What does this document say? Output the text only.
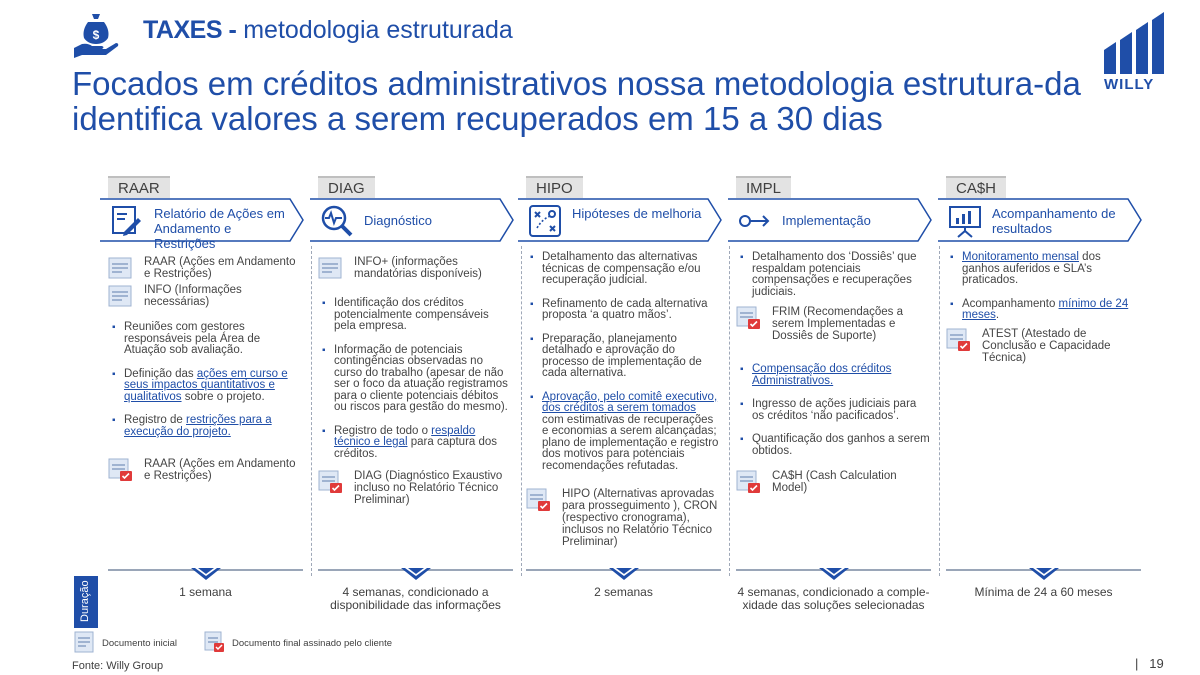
$ TAXES - metodologia estruturada
Focados em créditos administrativos nossa metodologia estrutura-da identifica valores a serem recuperados em 15 a 30 dias
WILLY
RAAR
Relatório de Ações em Andamento e Restrições
RAAR (Ações em Andamento e Restrições)
INFO (Informações necessárias)
▪ Reuniões com gestores responsáveis pela Área de Atuação sob avaliação.
▪ Definição das ações em curso e seus impactos quantitativos e qualitativos sobre o projeto.
▪ Registro de restrições para a execução do projeto.
RAAR (Ações em Andamento e Restrições)
DIAG
Diagnóstico
INFO+ (informações mandatórias disponíveis)
▪ Identificação dos créditos potencialmente compensáveis pela empresa.
▪ Informação de potenciais contingências observadas no curso do trabalho (apesar de não ser o foco da atuação registramos para o cliente potenciais débitos ou riscos para gestão do mesmo).
▪ Registro de todo o respaldo técnico e legal para captura dos créditos.
DIAG (Diagnóstico Exaustivo incluso no Relatório Técnico Preliminar)
HIPO
Hipóteses de melhoria
▪ Detalhamento das alternativas técnicas de compensação e/ou recuperação judicial.
▪ Refinamento de cada alternativa proposta ‘a quatro mãos’.
▪ Preparação, planejamento detalhado e aprovação do processo de implementação de cada alternativa.
▪ Aprovação, pelo comitê executivo, dos créditos a serem tomados com estimativas de recuperações e economias a serem alcançadas; plano de implementação e registro dos motivos para potenciais recomendações refutadas.
HIPO (Alternativas aprovadas para prosseguimento ), CRON (respectivo cronograma), inclusos no Relatório Técnico Preliminar)
IMPL
Implementação
▪ Detalhamento dos ‘Dossiês’ que respaldam potenciais compensações e recuperações judiciais.
FRIM (Recomendações a serem Implementadas e Dossiês de Suporte)
▪ Compensação dos créditos Administrativos.
▪ Ingresso de ações judiciais para os créditos ‘não pacificados’.
▪ Quantificação dos ganhos a serem obtidos.
CA$H (Cash Calculation Model)
CA$H
Acompanhamento de resultados
▪ Monitoramento mensal dos ganhos auferidos e SLA’s praticados.
▪ Acompanhamento mínimo de 24 meses.
ATEST (Atestado de Conclusão e Capacidade Técnica)
Duração	1 semana	4 semanas, condicionado a disponibilidade das informações
2 semanas	4 semanas, condicionado a comple-xidade das soluções selecionadas
Mínima de 24 a 60 meses
Documento inicial	Documento final assinado pelo cliente
Fonte: Willy Group	|   19
